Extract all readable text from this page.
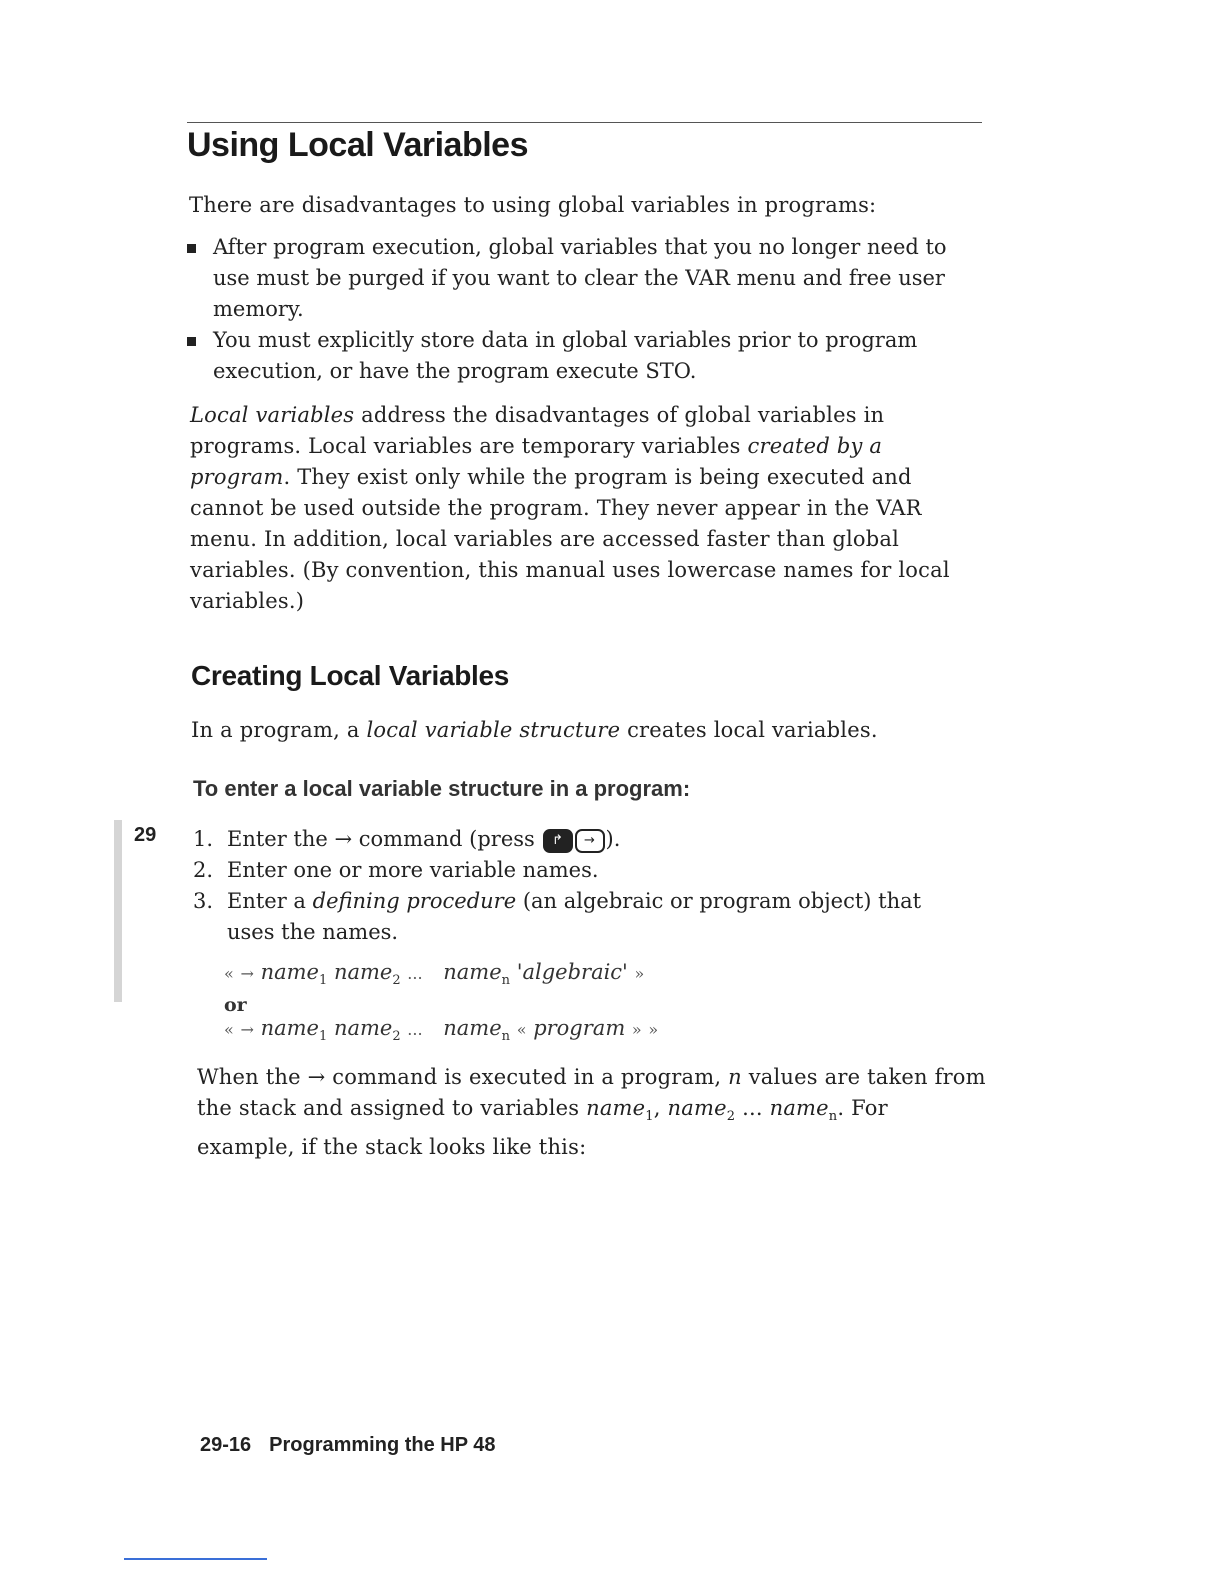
Using Local Variables

There are disadvantages to using global variables in programs:

After program execution, global variables that you no longer need to use must be purged if you want to clear the VAR menu and free user memory.
You must explicitly store data in global variables prior to program execution, or have the program execute STO.

Local variables address the disadvantages of global variables in programs. Local variables are temporary variables created by a program. They exist only while the program is being executed and cannot be used outside the program. They never appear in the VAR menu. In addition, local variables are accessed faster than global variables. (By convention, this manual uses lowercase names for local variables.)

Creating Local Variables

In a program, a local variable structure creates local variables.

To enter a local variable structure in a program:
29 1. Enter the → command (press ↱ → ).
2. Enter one or more variable names.
3. Enter a defining procedure (an algebraic or program object) that uses the names.
« → name$_1$ name$_2$ ... name$_n$ 'algebraic' »
or
« → name$_1$ name$_2$ ... name$_n$ « program » »

When the → command is executed in a program, n values are taken from the stack and assigned to variables name$_1$, name$_2$ ... name$_n$. For example, if the stack looks like this:

29-16 Programming the HP 48
